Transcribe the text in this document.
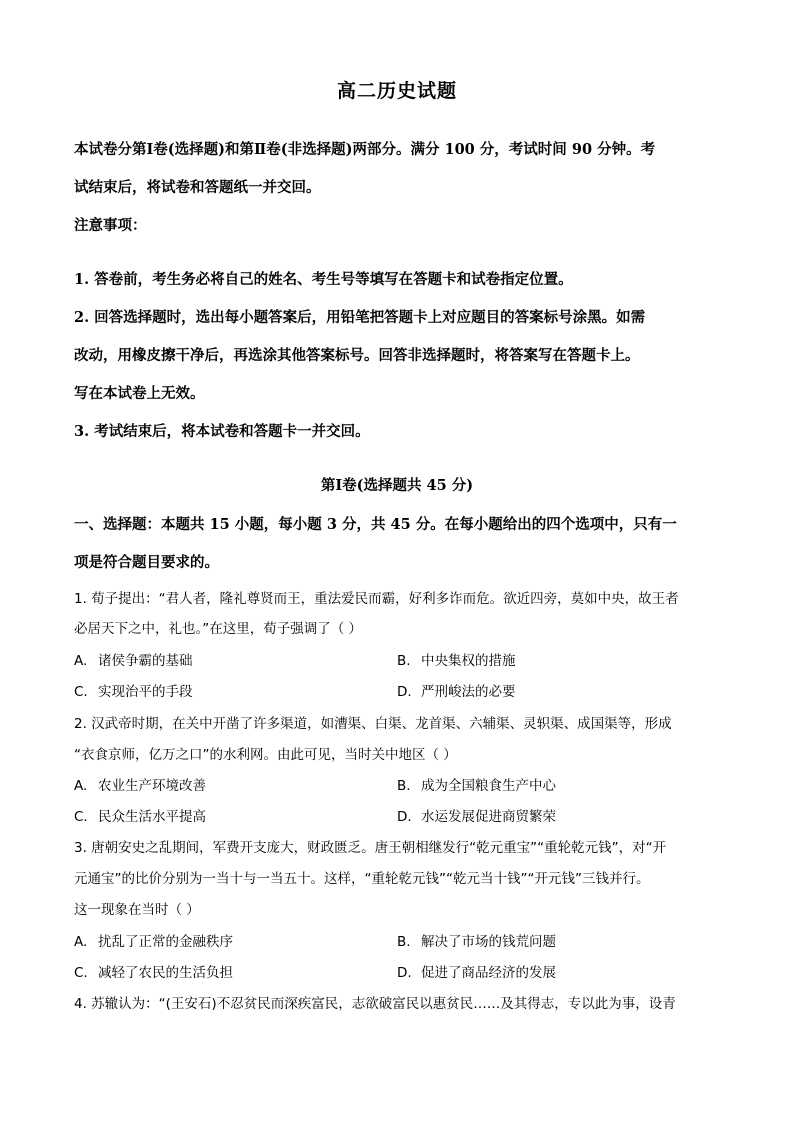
高二历史试题
本试卷分第Ⅰ卷(选择题)和第Ⅱ卷(非选择题)两部分。满分 100 分，考试时间 90 分钟。考
试结束后，将试卷和答题纸一并交回。
注意事项：
1. 答卷前，考生务必将自己的姓名、考生号等填写在答题卡和试卷指定位置。
2. 回答选择题时，选出每小题答案后，用铅笔把答题卡上对应题目的答案标号涂黑。如需
改动，用橡皮擦干净后，再选涂其他答案标号。回答非选择题时，将答案写在答题卡上。
写在本试卷上无效。
3. 考试结束后，将本试卷和答题卡一并交回。
第Ⅰ卷(选择题共 45 分)
一、选择题：本题共 15 小题，每小题 3 分，共 45 分。在每小题给出的四个选项中，只有一
项是符合题目要求的。
1. 荀子提出：“君人者，隆礼尊贤而王，重法爱民而霸，好利多诈而危。欲近四旁，莫如中央，故王者
必居天下之中，礼也。”在这里，荀子强调了（ ）
A. 诸侯争霸的基础	B. 中央集权的措施
C. 实现治平的手段	D. 严刑峻法的必要
2. 汉武帝时期，在关中开凿了许多渠道，如漕渠、白渠、龙首渠、六辅渠、灵轵渠、成国渠等，形成
“衣食京师，亿万之口”的水利网。由此可见，当时关中地区（ ）
A. 农业生产环境改善	B. 成为全国粮食生产中心
C. 民众生活水平提高	D. 水运发展促进商贸繁荣
3. 唐朝安史之乱期间，军费开支庞大，财政匮乏。唐王朝相继发行“乾元重宝”“重轮乾元钱”，对“开
元通宝”的比价分别为一当十与一当五十。这样，“重轮乾元钱”“乾元当十钱”“开元钱”三钱并行。
这一现象在当时（ ）
A. 扰乱了正常的金融秩序	B. 解决了市场的钱荒问题
C. 减轻了农民的生活负担	D. 促进了商品经济的发展
4. 苏辙认为：“(王安石)不忍贫民而深疾富民，志欲破富民以惠贫民……及其得志，专以此为事，设青
